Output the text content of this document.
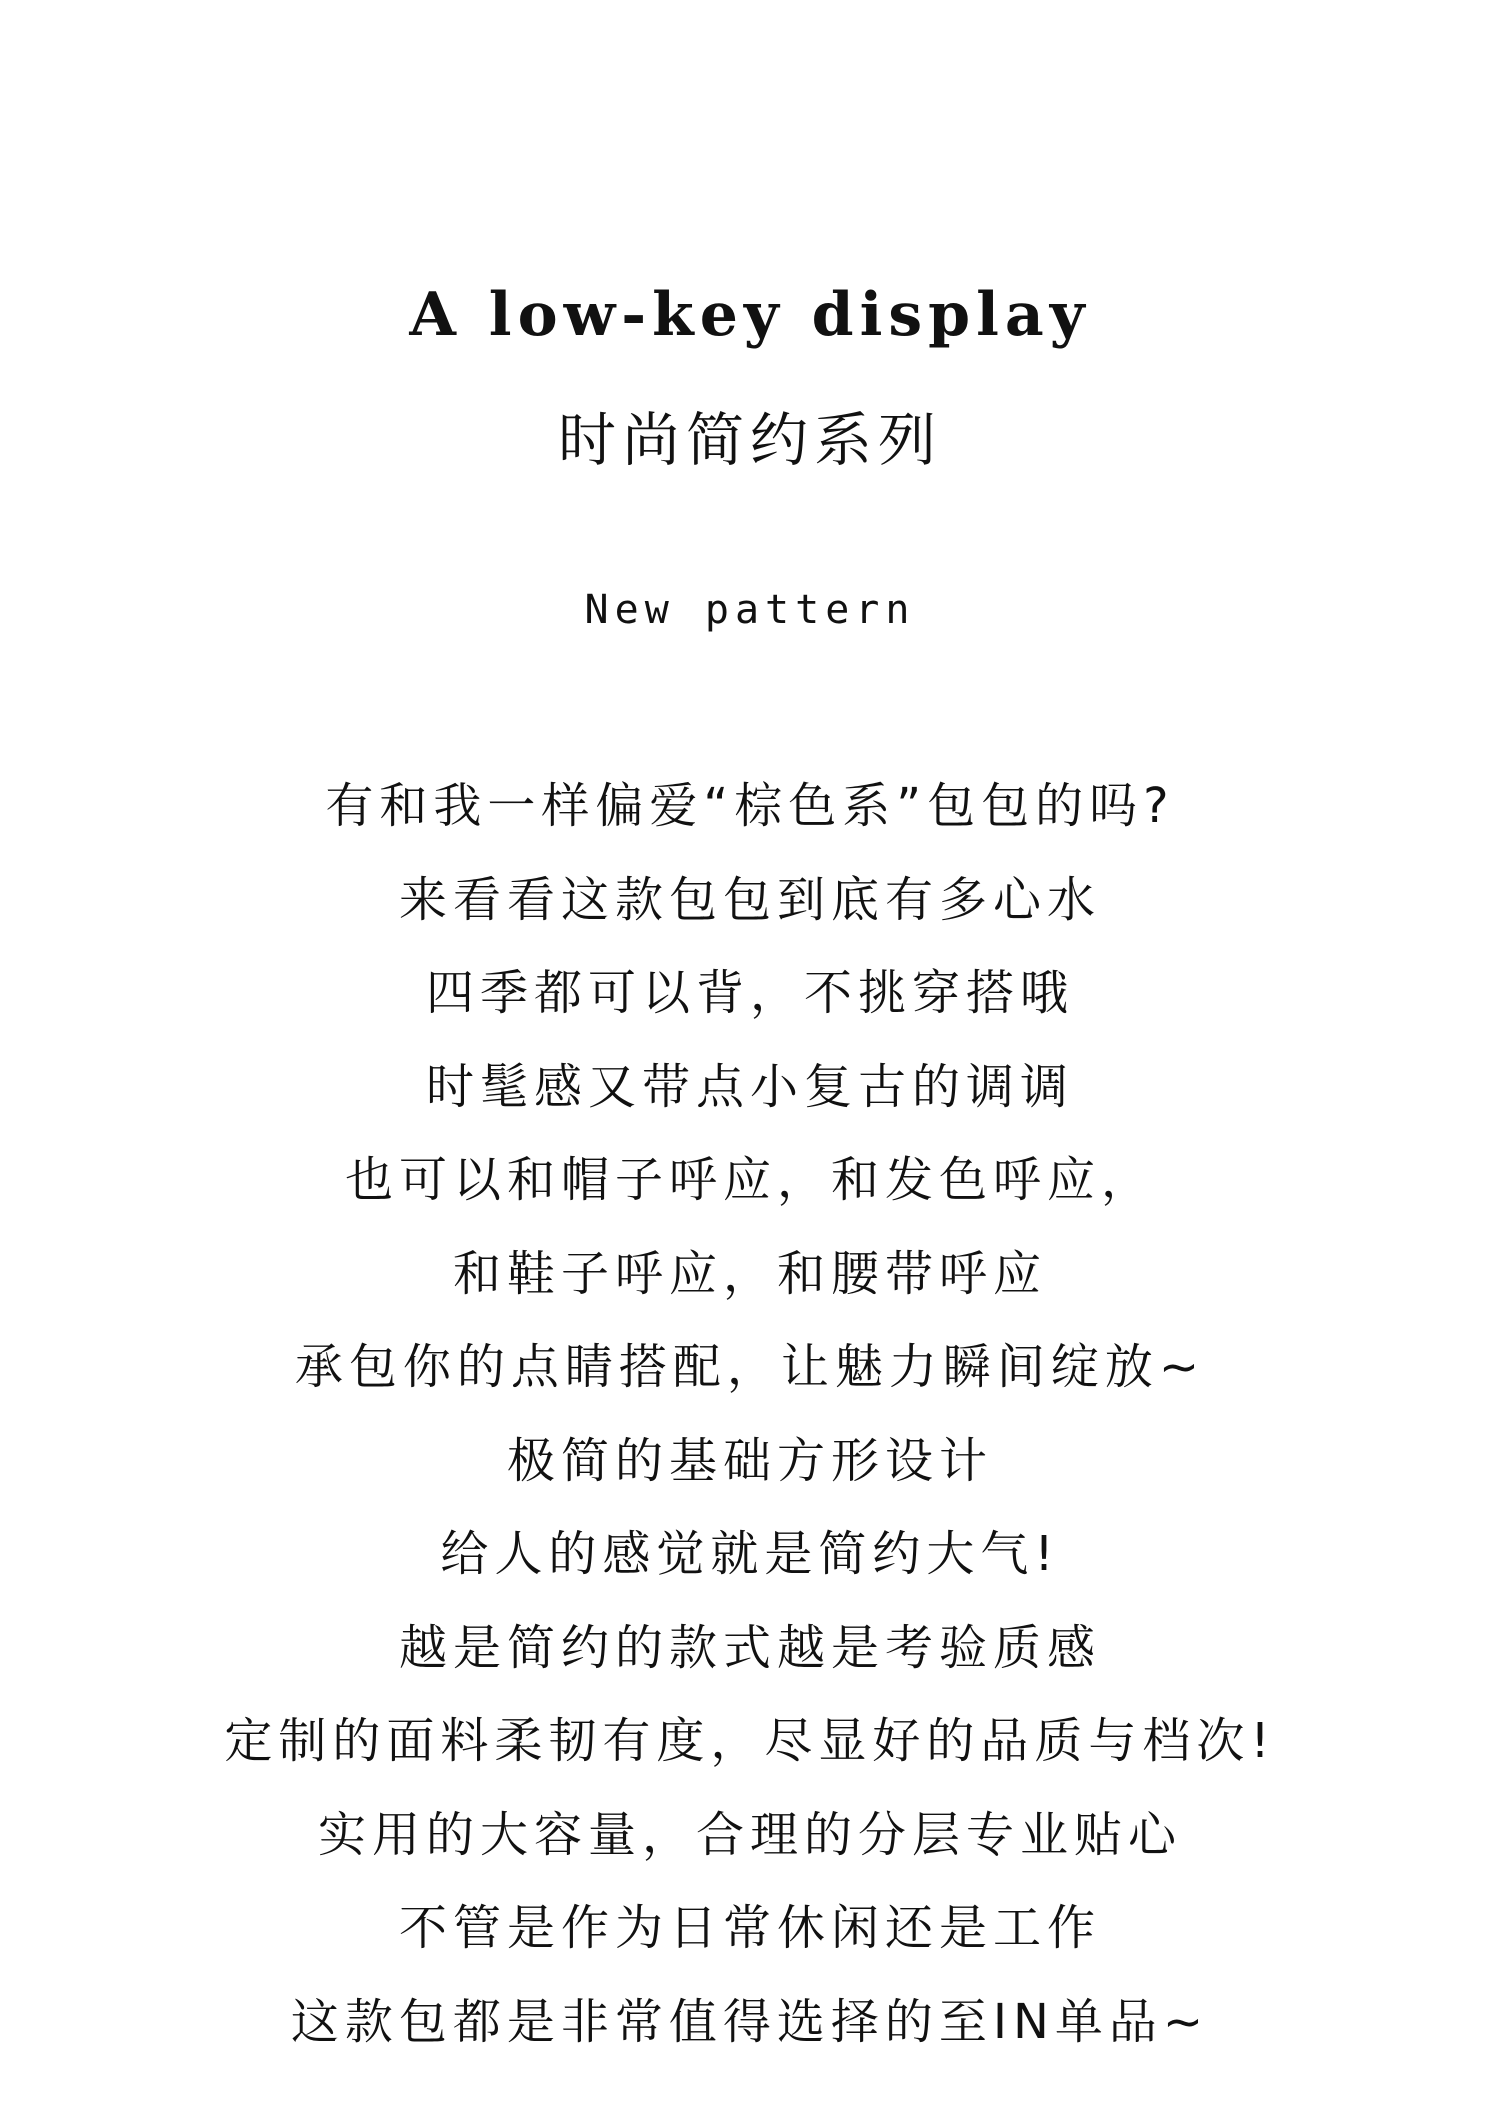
A low-key display
时尚简约系列
New pattern
有和我一样偏爱“棕色系”包包的吗?
来看看这款包包到底有多心水
四季都可以背，不挑穿搭哦
时髦感又带点小复古的调调
也可以和帽子呼应，和发色呼应，
和鞋子呼应，和腰带呼应
承包你的点睛搭配，让魅力瞬间绽放~
极简的基础方形设计
给人的感觉就是简约大气!
越是简约的款式越是考验质感
定制的面料柔韧有度，尽显好的品质与档次!
实用的大容量，合理的分层专业贴心
不管是作为日常休闲还是工作
这款包都是非常值得选择的至IN单品~
